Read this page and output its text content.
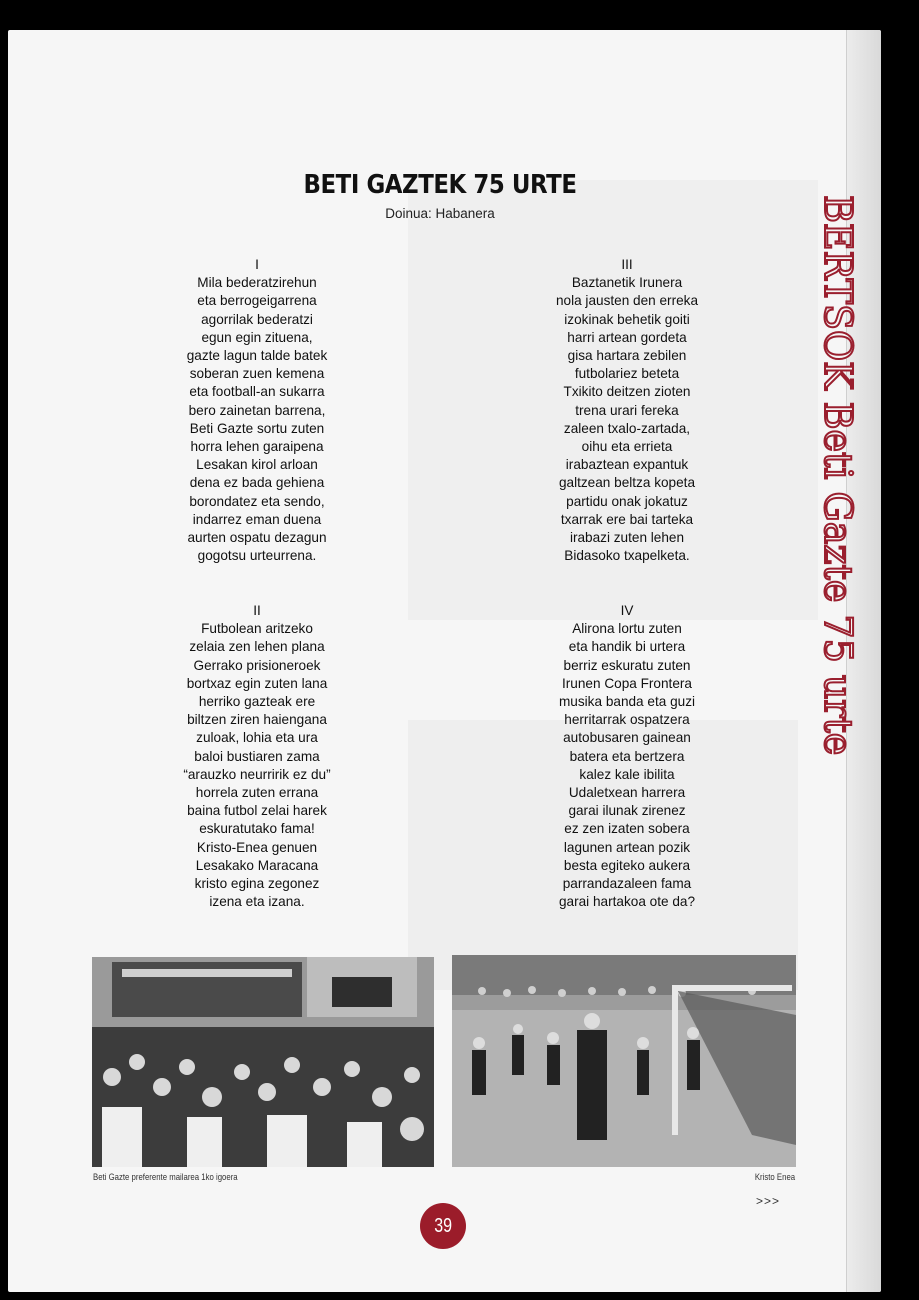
BETI GAZTEK 75 URTE
Doinua: Habanera
I
Mila bederatzirehun
eta berrogeigarrena
agorrilak bederatzi
egun egin zituena,
gazte lagun talde batek
soberan zuen kemena
eta football-an sukarra
bero zainetan barrena,
Beti Gazte sortu zuten
horra lehen garaipena
Lesakan kirol arloan
dena ez bada gehiena
borondatez eta sendo,
indarrez eman duena
aurten ospatu dezagun
gogotsu urteurrena.
II
Futbolean aritzeko
zelaia zen lehen plana
Gerrako prisioneroek
bortxaz egin zuten lana
herriko gazteak ere
biltzen ziren haiengana
zuloak, lohia eta ura
baloi bustiaren zama
“arauzko neurririk ez du”
horrela zuten errana
baina futbol zelai harek
eskuratutako fama!
Kristo-Enea genuen
Lesakako Maracana
kristo egina zegonez
izena eta izana.
III
Baztanetik Irunera
nola jausten den erreka
izokinak behetik goiti
harri artean gordeta
gisa hartara zebilen
futbolariez beteta
Txikito deitzen zioten
trena urari fereka
zaleen txalo-zartada,
oihu eta errieta
irabaztean expantuk
galtzean beltza kopeta
partidu onak jokatuz
txarrak ere bai tarteka
irabazi zuten lehen
Bidasoko txapelketa.
IV
Alirona lortu zuten
eta handik bi urtera
berriz eskuratu zuten
Irunen Copa Frontera
musika banda eta guzi
herritarrak ospatzera
autobusaren gainean
batera eta bertzera
kalez kale ibilita
Udaletxean harrera
garai ilunak zirenez
ez zen izaten sobera
lagunen artean pozik
besta egiteko aukera
parrandazaleen fama
garai hartakoa ote da?
BERTSOK Beti Gazte 75 urte
Beti Gazte preferente mailarea 1ko igoera	Kristo Enea
>>>
39
